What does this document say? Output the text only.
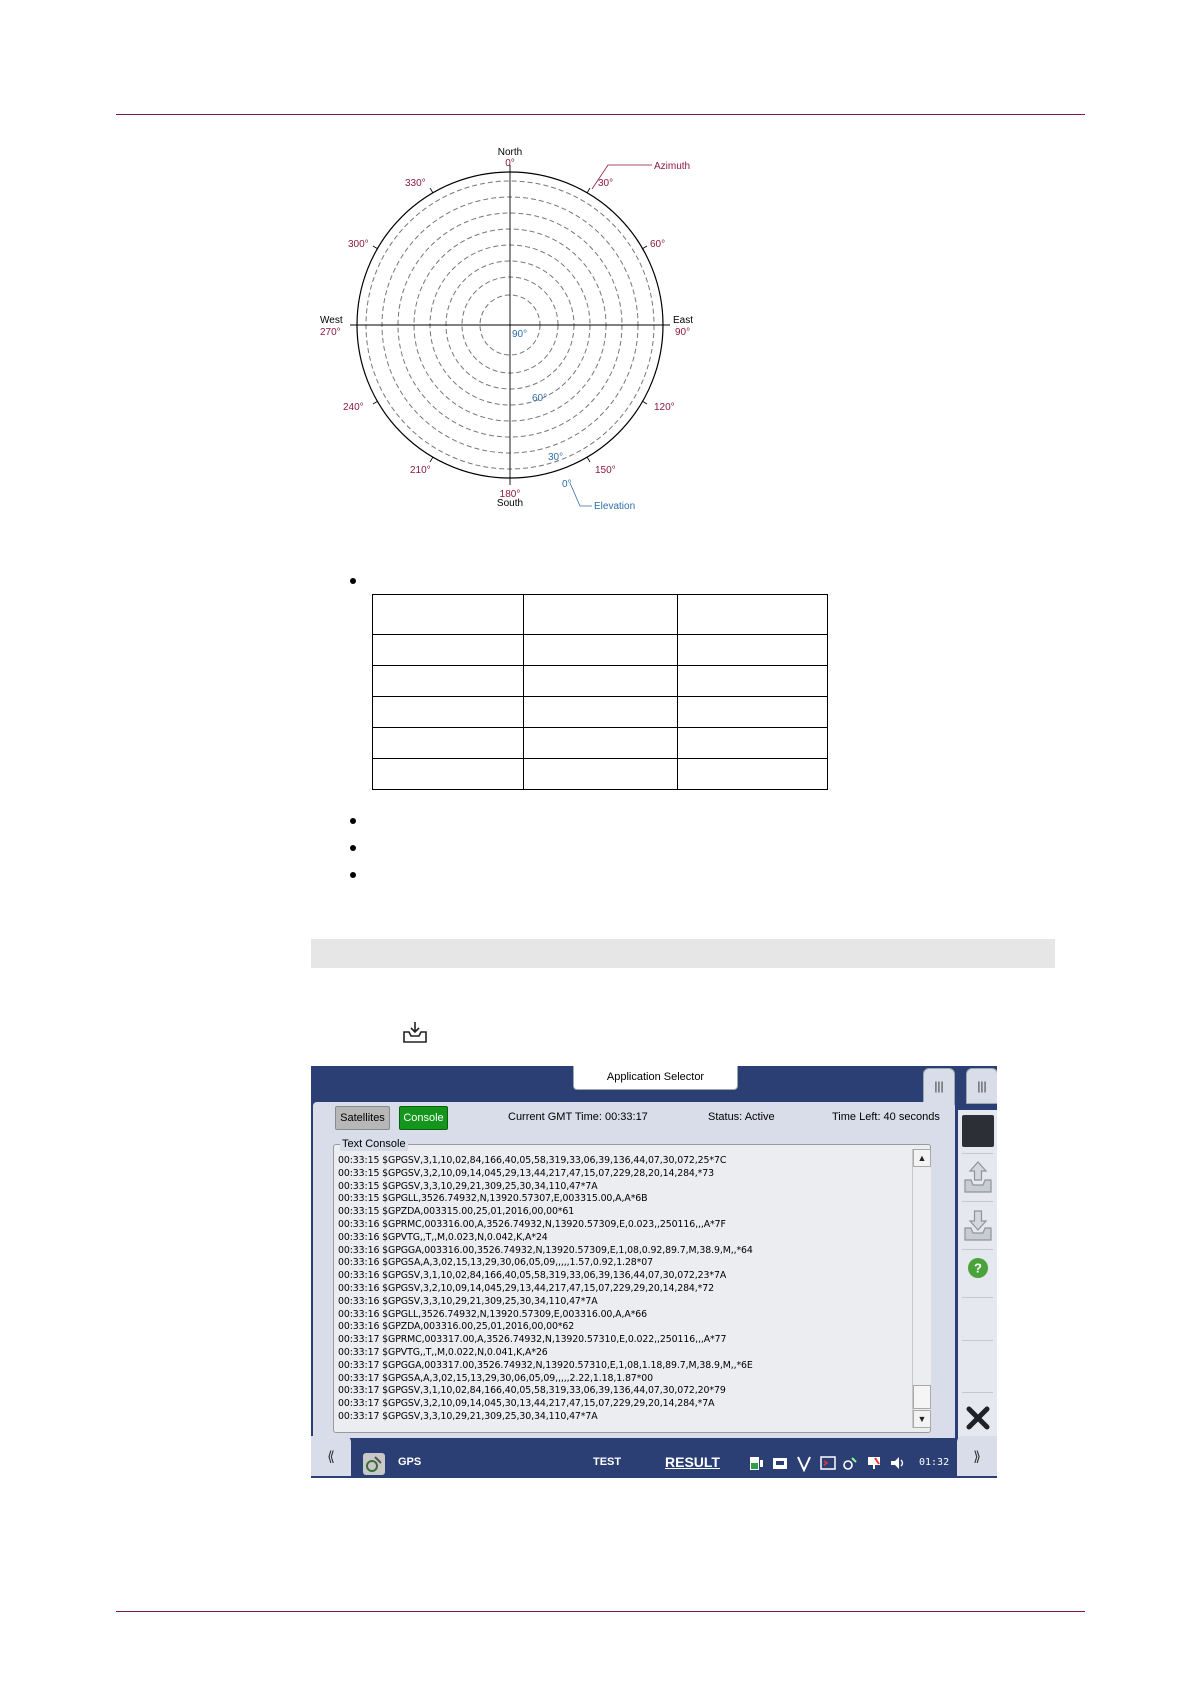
North
0°
30°
60°
East
90°
120°
150°
180°
South
210°
240°
West
270°
300°
330°
Azimuth
90°
60°
30°
0°
Elevation

Application Selector
|||	|||
Satellites	Console	Current GMT Time: 00:33:17	Status: Active	Time Left: 40 seconds
Text Console
00:33:15 $GPGSV,3,1,10,02,84,166,40,05,58,319,33,06,39,136,44,07,30,072,25*7C
00:33:15 $GPGSV,3,2,10,09,14,045,29,13,44,217,47,15,07,229,28,20,14,284,*73
00:33:15 $GPGSV,3,3,10,29,21,309,25,30,34,110,47*7A
00:33:15 $GPGLL,3526.74932,N,13920.57307,E,003315.00,A,A*6B
00:33:15 $GPZDA,003315.00,25,01,2016,00,00*61
00:33:16 $GPRMC,003316.00,A,3526.74932,N,13920.57309,E,0.023,,250116,,,A*7F
00:33:16 $GPVTG,,T,,M,0.023,N,0.042,K,A*24
00:33:16 $GPGGA,003316.00,3526.74932,N,13920.57309,E,1,08,0.92,89.7,M,38.9,M,,*64
00:33:16 $GPGSA,A,3,02,15,13,29,30,06,05,09,,,,,1.57,0.92,1.28*07
00:33:16 $GPGSV,3,1,10,02,84,166,40,05,58,319,33,06,39,136,44,07,30,072,23*7A
00:33:16 $GPGSV,3,2,10,09,14,045,29,13,44,217,47,15,07,229,29,20,14,284,*72
00:33:16 $GPGSV,3,3,10,29,21,309,25,30,34,110,47*7A
00:33:16 $GPGLL,3526.74932,N,13920.57309,E,003316.00,A,A*66
00:33:16 $GPZDA,003316.00,25,01,2016,00,00*62
00:33:17 $GPRMC,003317.00,A,3526.74932,N,13920.57310,E,0.022,,250116,,,A*77
00:33:17 $GPVTG,,T,,M,0.022,N,0.041,K,A*26
00:33:17 $GPGGA,003317.00,3526.74932,N,13920.57310,E,1,08,1.18,89.7,M,38.9,M,,*6E
00:33:17 $GPGSA,A,3,02,15,13,29,30,06,05,09,,,,,2.22,1.18,1.87*00
00:33:17 $GPGSV,3,1,10,02,84,166,40,05,58,319,33,06,39,136,44,07,30,072,20*79
00:33:17 $GPGSV,3,2,10,09,14,045,30,13,44,217,47,15,07,229,29,20,14,284,*7A
00:33:17 $GPGSV,3,3,10,29,21,309,25,30,34,110,47*7A
▲
▼
?
⟪	⟫
GPS	TEST	RESULT	01:32
